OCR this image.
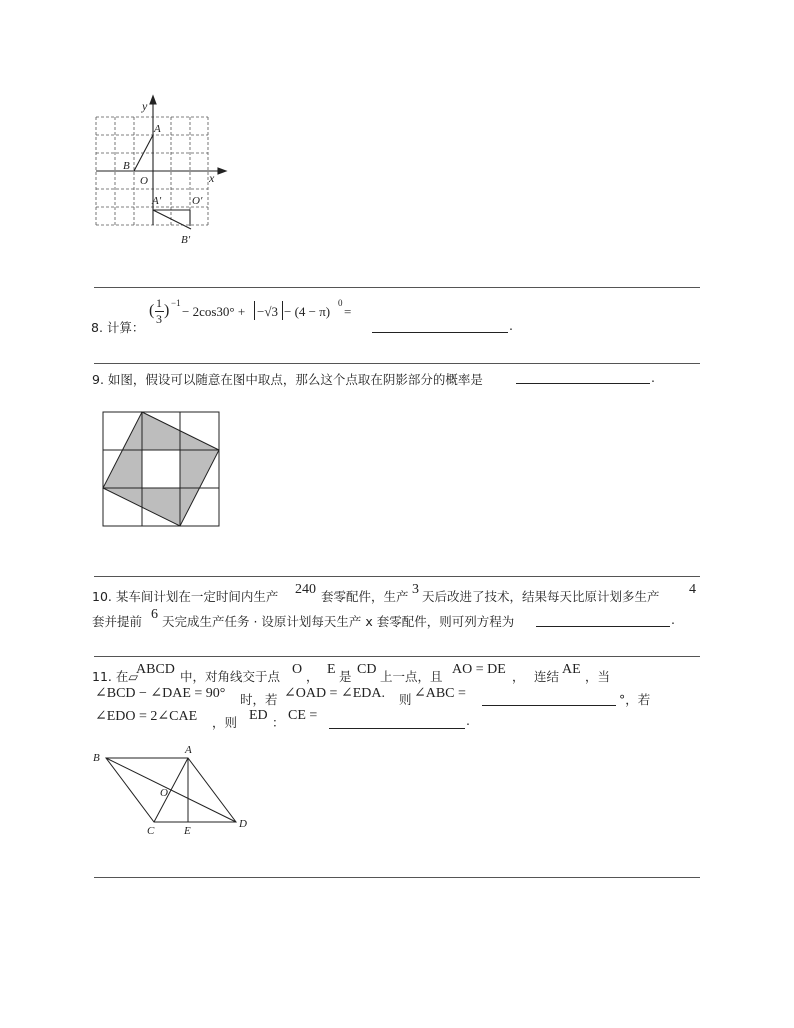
y
x
A
B
O
A′	O′
B′
8. 计算：
( 1
3 ) −1
− 2cos30° + −√3 − (4 − π)
0
=
.
9. 如图，假设可以随意在图中取点，那么这个点取在阴影部分的概率是	.
10. 某车间计划在一定时间内生产 240 套零配件，生产 3 天后改进了技术，结果每天比原计划多生产 4
套并提前 6 天完成生产任务 · 设原计划每天生产 x 套零配件，则可列方程为	.
11. 在▱
ABCD 中，对角线交于点 O ， E 是 CD 上一点，且 AO = DE ， 连结 AE ，当
∠BCD − ∠DAE = 90° 时，若 ∠OAD = ∠EDA. 则 ∠ABC =	°，若
∠EDO = 2∠CAE ，则 ED ： CE =	.
A
B
C
D
E
O
